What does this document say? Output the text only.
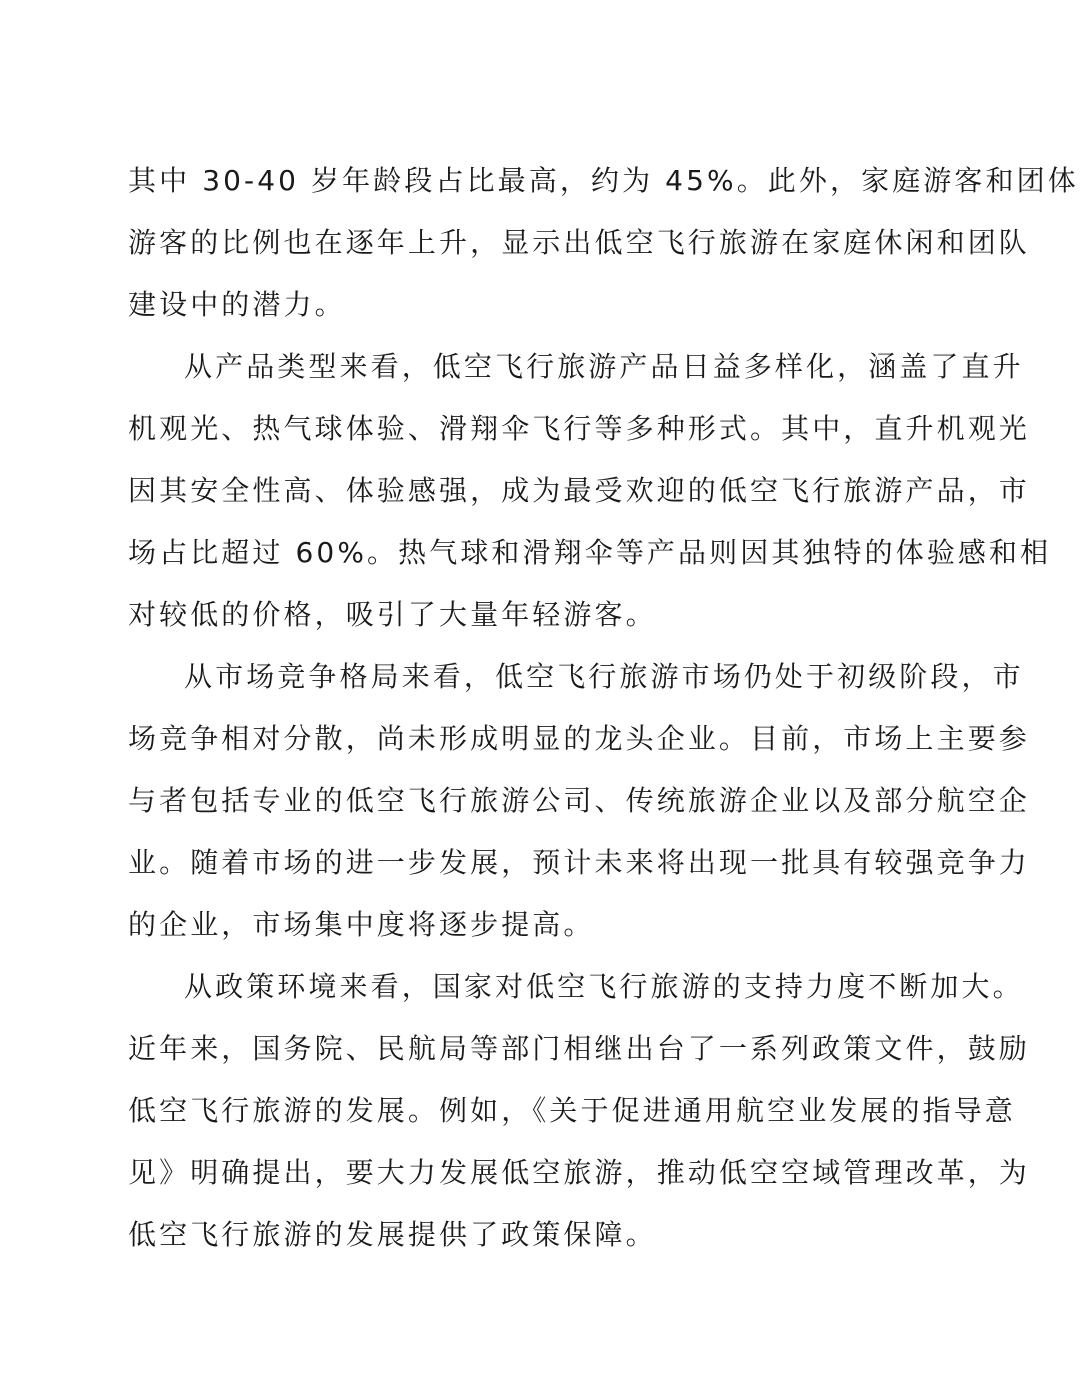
其中 30-40 岁年龄段占比最高，约为 45%。此外，家庭游客和团体
游客的比例也在逐年上升，显示出低空飞行旅游在家庭休闲和团队
建设中的潜力。
从产品类型来看，低空飞行旅游产品日益多样化，涵盖了直升
机观光、热气球体验、滑翔伞飞行等多种形式。其中，直升机观光
因其安全性高、体验感强，成为最受欢迎的低空飞行旅游产品，市
场占比超过 60%。热气球和滑翔伞等产品则因其独特的体验感和相
对较低的价格，吸引了大量年轻游客。
从市场竞争格局来看，低空飞行旅游市场仍处于初级阶段，市
场竞争相对分散，尚未形成明显的龙头企业。目前，市场上主要参
与者包括专业的低空飞行旅游公司、传统旅游企业以及部分航空企
业。随着市场的进一步发展，预计未来将出现一批具有较强竞争力
的企业，市场集中度将逐步提高。
从政策环境来看，国家对低空飞行旅游的支持力度不断加大。
近年来，国务院、民航局等部门相继出台了一系列政策文件，鼓励
低空飞行旅游的发展。例如，《关于促进通用航空业发展的指导意
见》明确提出，要大力发展低空旅游，推动低空空域管理改革，为
低空飞行旅游的发展提供了政策保障。
